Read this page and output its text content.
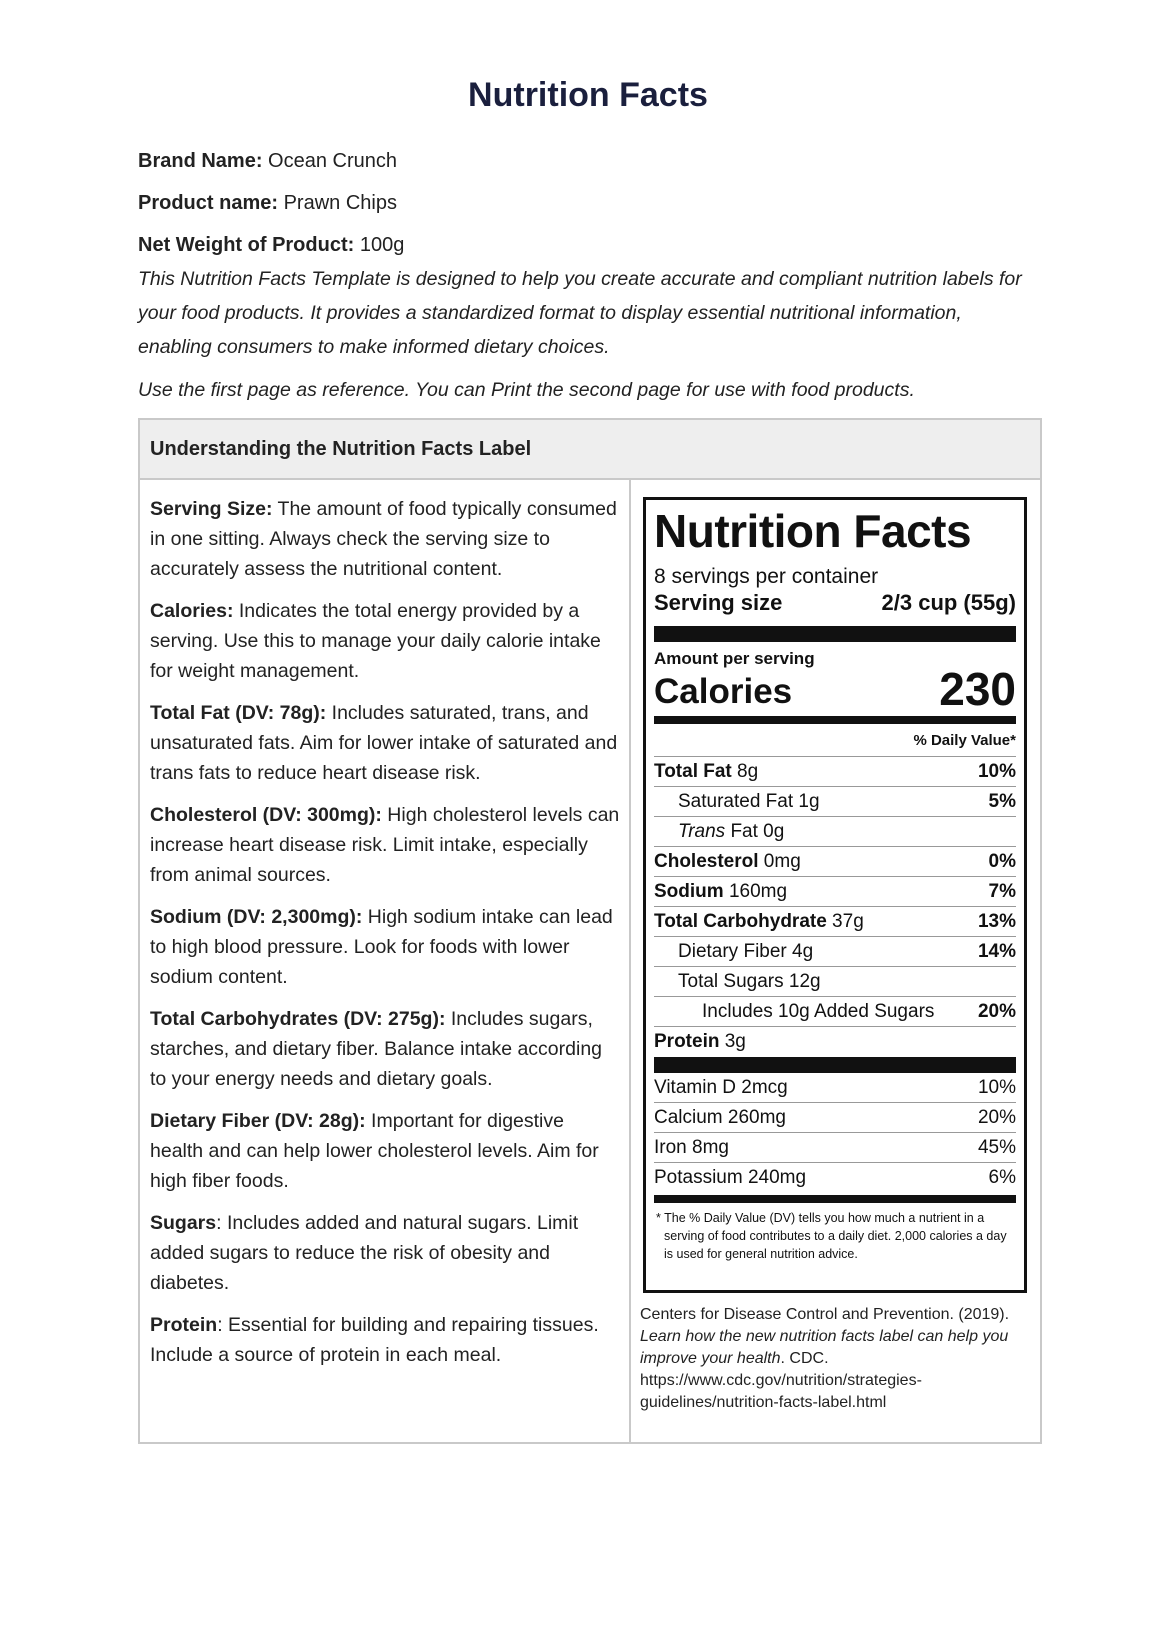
Nutrition Facts
Brand Name: Ocean Crunch
Product name: Prawn Chips
Net Weight of Product: 100g

This Nutrition Facts Template is designed to help you create accurate and compliant nutrition labels for your food products. It provides a standardized format to display essential nutritional information, enabling consumers to make informed dietary choices.

Use the first page as reference. You can Print the second page for use with food products.

Understanding the Nutrition Facts Label

Serving Size: The amount of food typically consumed in one sitting. Always check the serving size to accurately assess the nutritional content.

Calories: Indicates the total energy provided by a serving. Use this to manage your daily calorie intake for weight management.

Total Fat (DV: 78g): Includes saturated, trans, and unsaturated fats. Aim for lower intake of saturated and trans fats to reduce heart disease risk.

Cholesterol (DV: 300mg): High cholesterol levels can increase heart disease risk. Limit intake, especially from animal sources.

Sodium (DV: 2,300mg): High sodium intake can lead to high blood pressure. Look for foods with lower sodium content.

Total Carbohydrates (DV: 275g): Includes sugars, starches, and dietary fiber. Balance intake according to your energy needs and dietary goals.

Dietary Fiber (DV: 28g): Important for digestive health and can help lower cholesterol levels. Aim for high fiber foods.

Sugars: Includes added and natural sugars. Limit added sugars to reduce the risk of obesity and diabetes.

Protein: Essential for building and repairing tissues. Include a source of protein in each meal.

Nutrition Facts
8 servings per container
Serving size	2/3 cup (55g)
Amount per serving
Calories	230
% Daily Value*
Total Fat 8g	10%
Saturated Fat 1g	5%
Trans Fat 0g
Cholesterol 0mg	0%
Sodium 160mg	7%
Total Carbohydrate 37g	13%
Dietary Fiber 4g	14%
Total Sugars 12g
Includes 10g Added Sugars 20%
Protein 3g
Vitamin D 2mcg	10%
Calcium 260mg	20%
Iron 8mg	45%
Potassium 240mg	6%
* The % Daily Value (DV) tells you how much a nutrient in a serving of food contributes to a daily diet. 2,000 calories a day is used for general nutrition advice.
Centers for Disease Control and Prevention. (2019). Learn how the new nutrition facts label can help you improve your health. CDC. https://www.cdc.gov/nutrition/strategies-guidelines/nutrition-facts-label.html
